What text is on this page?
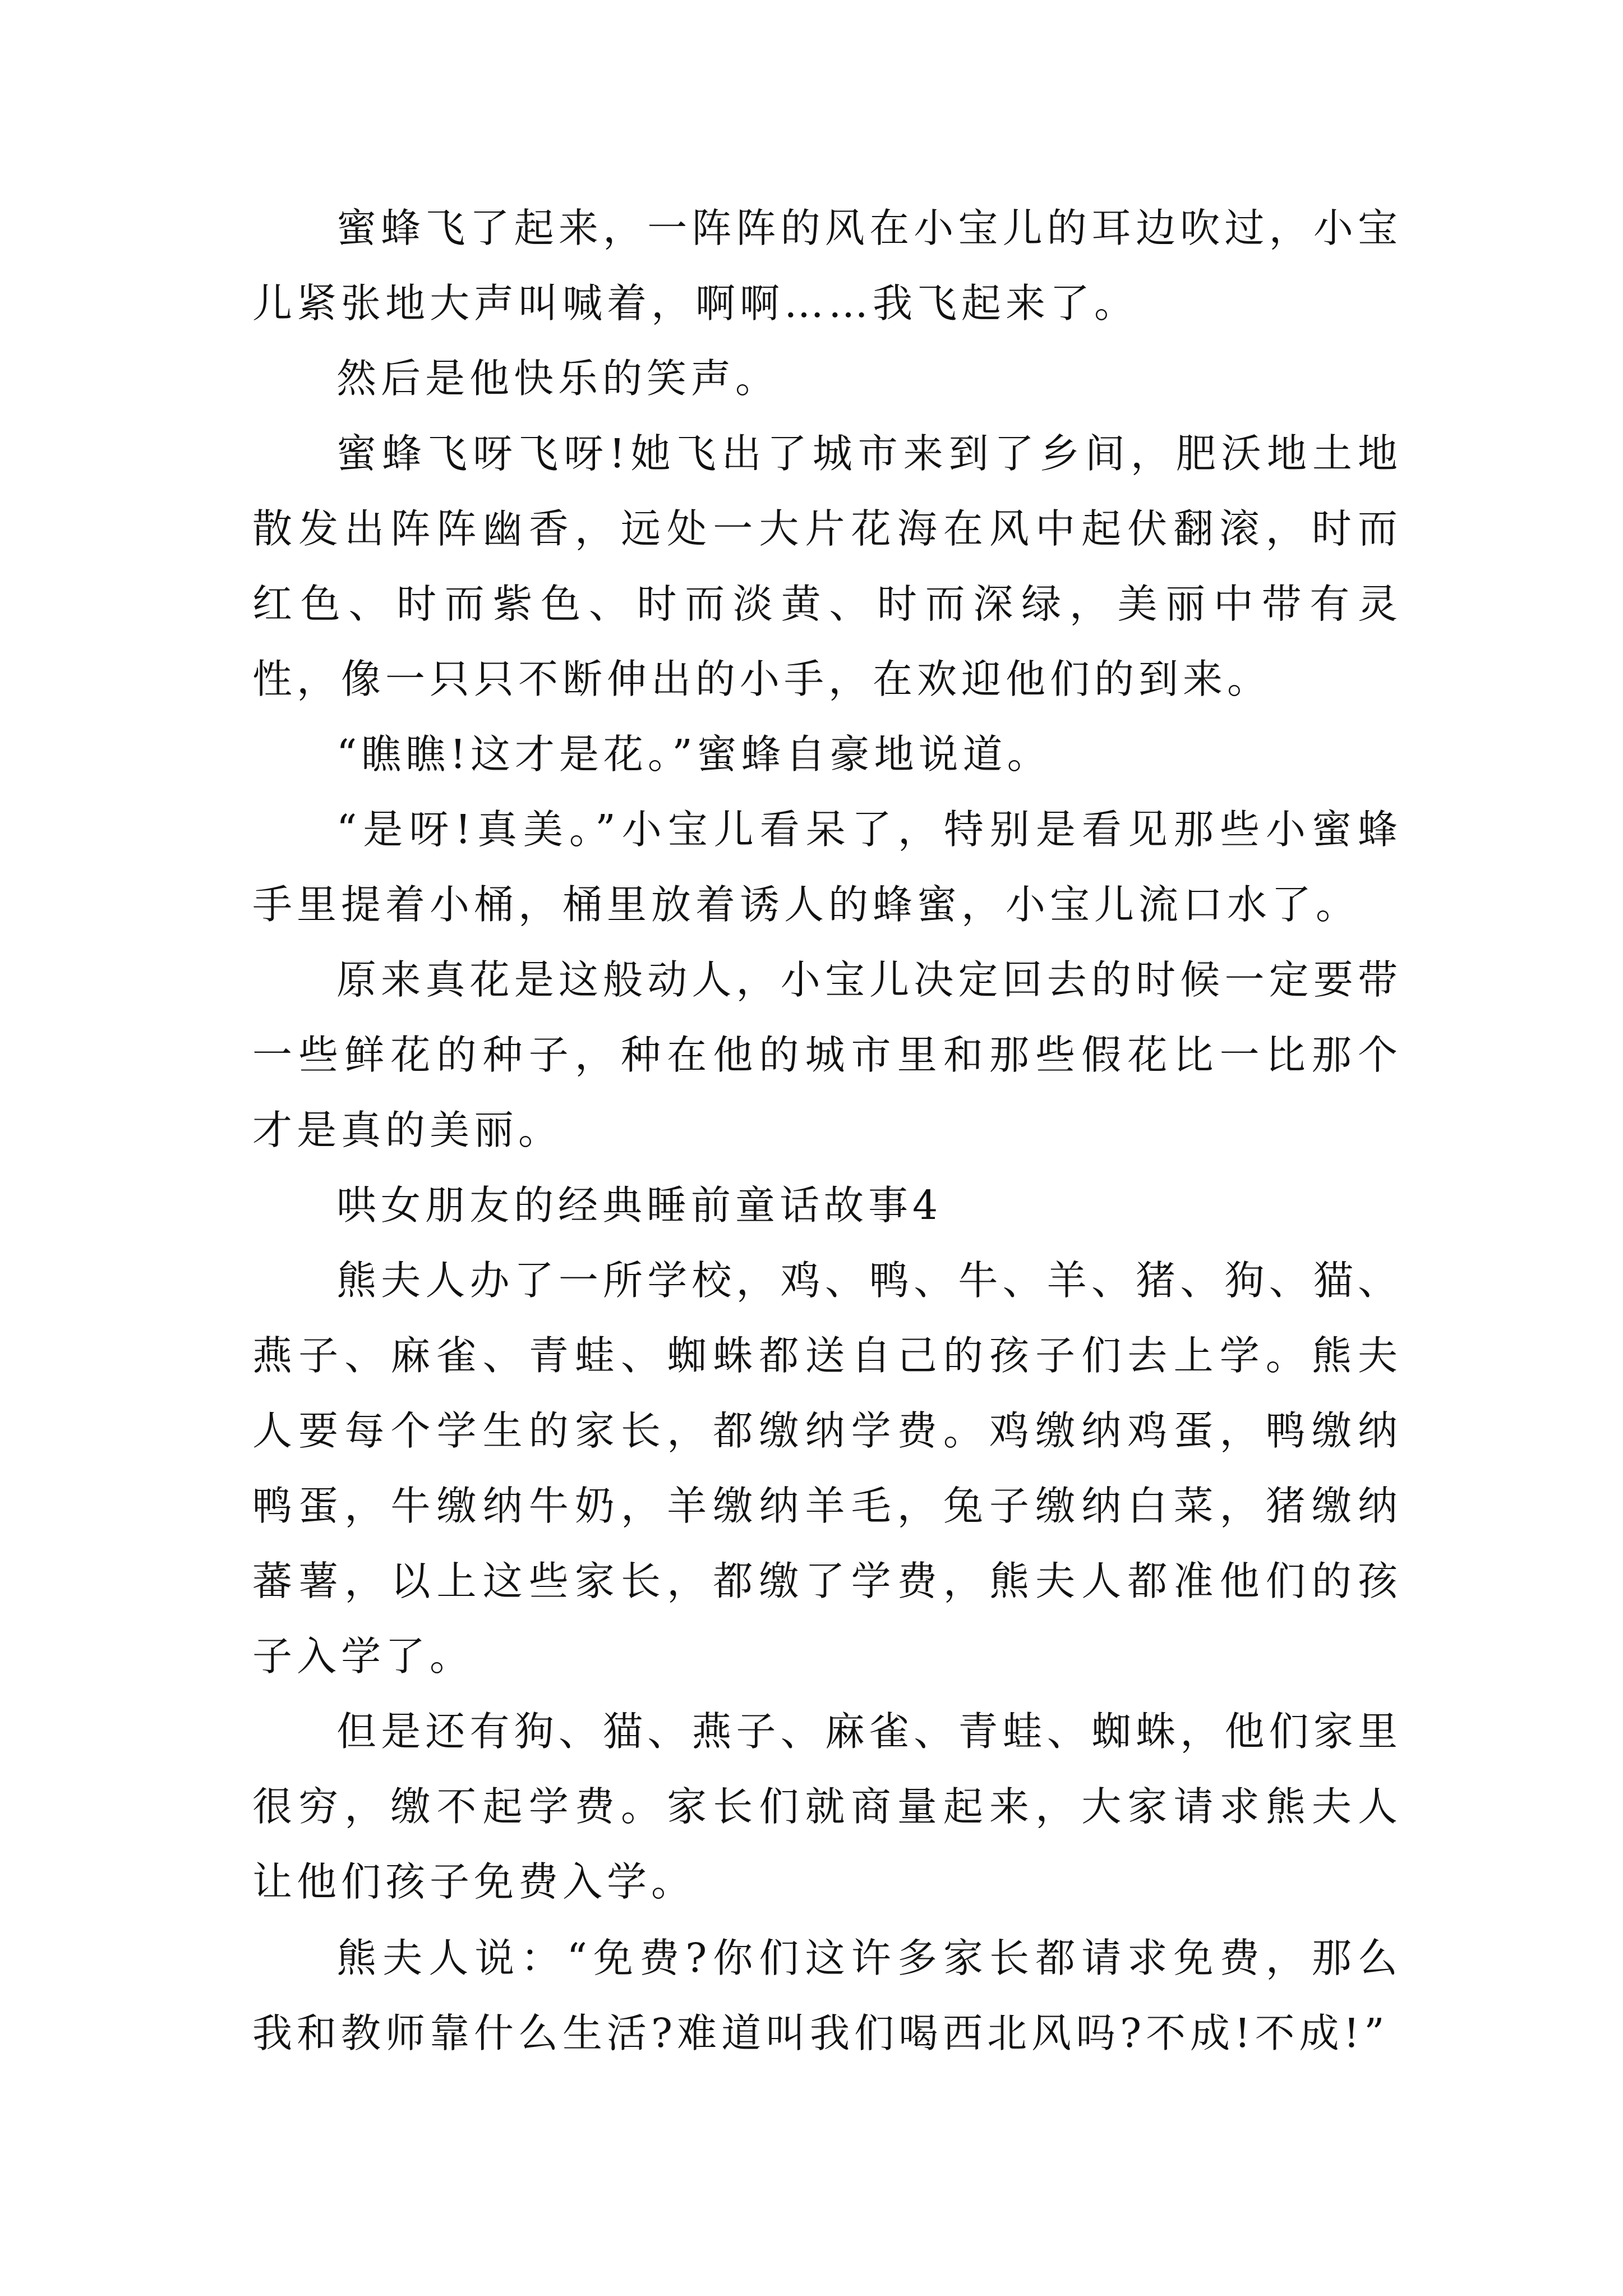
蜜蜂飞了起来，一阵阵的风在小宝儿的耳边吹过，小宝儿紧张地大声叫喊着，啊啊……我飞起来了。

然后是他快乐的笑声。

蜜蜂飞呀飞呀!她飞出了城市来到了乡间，肥沃地土地散发出阵阵幽香，远处一大片花海在风中起伏翻滚，时而红色、时而紫色、时而淡黄、时而深绿，美丽中带有灵性，像一只只不断伸出的小手，在欢迎他们的到来。

“瞧瞧!这才是花。”蜜蜂自豪地说道。

“是呀!真美。”小宝儿看呆了，特别是看见那些小蜜蜂手里提着小桶，桶里放着诱人的蜂蜜，小宝儿流口水了。

原来真花是这般动人，小宝儿决定回去的时候一定要带一些鲜花的种子，种在他的城市里和那些假花比一比那个才是真的美丽。

哄女朋友的经典睡前童话故事4

熊夫人办了一所学校，鸡、鸭、牛、羊、猪、狗、猫、燕子、麻雀、青蛙、蜘蛛都送自己的孩子们去上学。熊夫人要每个学生的家长，都缴纳学费。鸡缴纳鸡蛋，鸭缴纳鸭蛋，牛缴纳牛奶，羊缴纳羊毛，兔子缴纳白菜，猪缴纳蕃薯，以上这些家长，都缴了学费，熊夫人都准他们的孩子入学了。

但是还有狗、猫、燕子、麻雀、青蛙、蜘蛛，他们家里很穷，缴不起学费。家长们就商量起来，大家请求熊夫人让他们孩子免费入学。

熊夫人说：“免费?你们这许多家长都请求免费，那么我和教师靠什么生活?难道叫我们喝西北风吗?不成!不成!”
